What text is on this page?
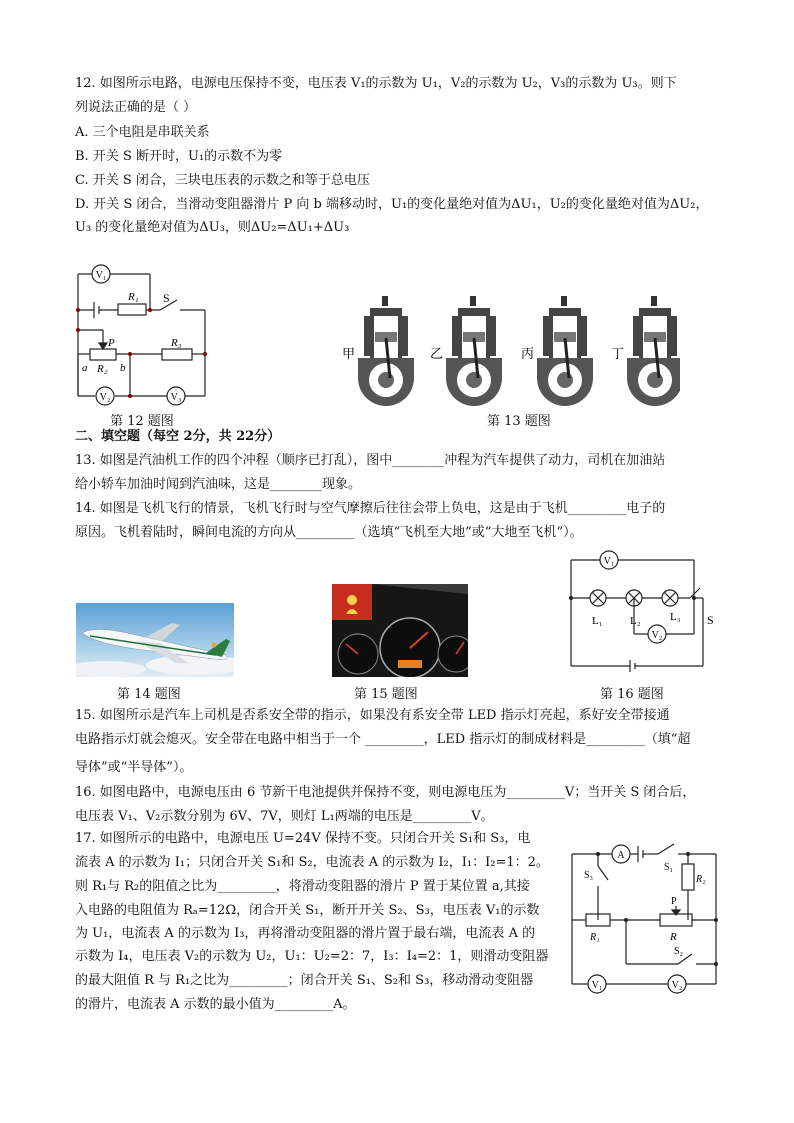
12. 如图所示电路，电源电压保持不变，电压表 V₁的示数为 U₁，V₂的示数为 U₂，V₃的示数为 U₃。则下
列说法正确的是（ ）
A. 三个电阻是串联关系
B. 开关 S 断开时，U₁的示数不为零
C. 开关 S 闭合，三块电压表的示数之和等于总电压
D. 开关 S 闭合，当滑动变阻器滑片 P 向 b 端移动时，U₁的变化量绝对值为ΔU₁，U₂的变化量绝对值为ΔU₂，
U₃ 的变化量绝对值为ΔU₃，则ΔU₂=ΔU₁+ΔU₃
V₁
R₁ S
P	R₃
a R₂ b
V₂	V₃
第 12 题图
甲	乙	丙	丁
第 13 题图
二、填空题（每空 2分，共 22分）
13. 如图是汽油机工作的四个冲程（顺序已打乱），图中________冲程为汽车提供了动力，司机在加油站
给小轿车加油时闻到汽油味，这是________现象。
14. 如图是飞机飞行的情景，飞机飞行时与空气摩擦后往往会带上负电，这是由于飞机_________电子的
原因。飞机着陆时，瞬间电流的方向从_________（选填“飞机至大地”或“大地至飞机”）。
V₁
L₁ L₂	L₃
V₂
S
第 14 题图	第 15 题图	第 16 题图
15. 如图所示是汽车上司机是否系安全带的指示，如果没有系安全带 LED 指示灯亮起，系好安全带接通
电路指示灯就会熄灭。安全带在电路中相当于一个 _________，LED 指示灯的制成材料是_________（填“超
导体”或“半导体”）。
16. 如图电路中，电源电压由 6 节新干电池提供并保持不变，则电源电压为_________V；当开关 S 闭合后，
电压表 V₁、V₂示数分别为 6V、7V，则灯 L₁两端的电压是_________V。
17. 如图所示的电路中，电源电压 U=24V 保持不变。只闭合开关 S₁和 S₃，电
流表 A 的示数为 I₁；只闭合开关 S₁和 S₂，电流表 A 的示数为 I₂，I₁：I₂=1：2。
则 R₁与 R₂的阻值之比为_________，将滑动变阻器的滑片 P 置于某位置 a,其接
入电路的电阻值为 Rₐ=12Ω，闭合开关 S₁，断开开关 S₂、S₃，电压表 V₁的示数
为 U₁，电流表 A 的示数为 I₃，再将滑动变阻器的滑片置于最右端，电流表 A 的
示数为 I₄，电压表 V₂的示数为 U₂，U₁：U₂=2：7，I₃：I₄=2：1，则滑动变阻器
的最大阻值 R 与 R₁之比为_________；闭合开关 S₁、S₂和 S₃，移动滑动变阻器
的滑片，电流表 A 示数的最小值为_________A。
A
S₁
S₃	R₂
P
R₁	R
S₂
V₁	V₂
